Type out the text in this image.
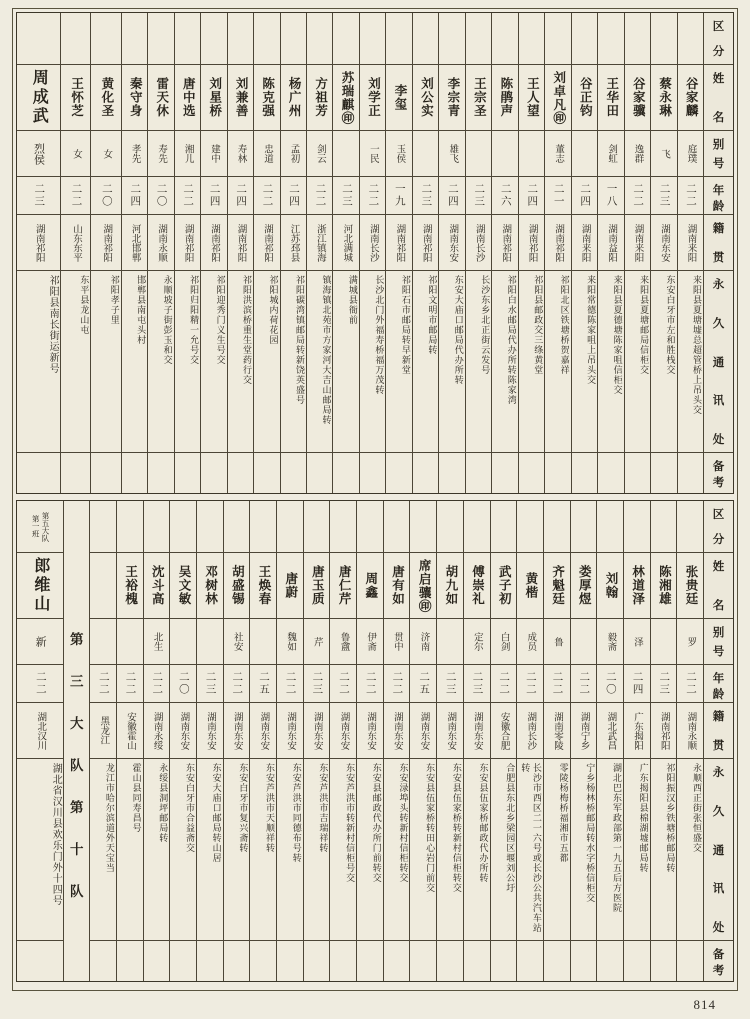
区
分
姓
名
别
号
年
龄
籍
贯
永
久
通
讯
处
备
考
谷家麟
庭璞
二二
湖南来阳
来阳县夏塘墟总超管桥上吊头交
蔡永琳
飞
二三
湖南东安
东安白牙市左和胜栈交
谷家骥
逸群
二二
湖南来阳
来阳县夏塘邮局信柜交
王华田
剑虹
一八
湖南益阳
来阳县夏德塘陈家咀信柜交
谷正钧
二四
湖南来阳
来阳常德陈家咀上吊头交
刘卓凡㊞
董志
二一
湖南祁阳
祁阳北区铁塘桥贺嘉祥
王人望
二四
湖南祁阳
祁阳县邮政交三绦黄堂
陈鹃声
二六
湖南祁阳
祁阳白水邮局代办所转陈家湾
王宗圣
二三
湖南长沙
长沙东乡北正街云发号
李宗青
雄飞
二四
湖南东安
东安大庙口邮局代办所转
刘公实
二三
湖南祁阳
祁阳文明市邮局转
李玺
玉侯
一九
湖南祁阳
祁阳石市邮局转早新堂
刘学正
一民
二二
湖南长沙
长沙北门外福寿桥福万茂转
苏瑞麒㊞
二三
河北满城
满城县衙前
方祖芳
剑云
二二
浙江镇海
镇海镇北苑市方家河大吉山邮局转
杨广州
孟初
二四
江苏邳县
祁阳碳湾镇邮局转新饶英盛号
陈克强
忠道
二二
湖南祁阳
祁阳城内荷花园
刘兼善
寿林
二四
湖南祁阳
祁阳洪滨桥重生堂药行交
刘星桥
建中
二四
湖南祁阳
祁阳迎秀门义生号交
唐中选
湘儿
二二
湖南祁阳
祁阳归阳精一允号交
雷天休
寿先
二〇
湖南永顺
永顺坡子街彭玉和交
秦守身
孝先
二四
河北邯郸
邯郸县南屯头村
黄化圣
女
二〇
湖南祁阳
祁阳孝子里
王怀芝
女
二二
山东东平
东平县龙山屯
周成武
烈侯
二三
湖南祁阳
祁阳县南长街运新号
区
分
姓
名
别
号
年
龄
籍
贯
永
久
通
讯
处
备
考
张贵廷
罗
二二
湖南永顺
永顺西正街张恒盛交
陈湘雄
二三
湖南祁阳
祁阳振汉乡铁塘桥邮局转
林道泽
泽
二四
广东揭阳
广东揭阳县棉湖墟邮局转
刘翰
毅斋
二〇
湖北武昌
湖北巴东军政部第一九五后方医院
娄厚煜
二二
湖南宁乡
宁乡杨林桥邮局转水字桥信柜交
齐魁廷
鲁
二二
湖南零陵
零陵杨梅桥福湘市五都
黄楷
成员
二二
湖南长沙
长沙市西区二一六号或长沙公共汽车站转
武子初
白剑
二二
安徽合肥
合肥县东北乡梁园区堰刘公圩
傅崇礼
定尔
二三
湖南东安
东安县伍家桥邮政代办所转
胡九如
二三
湖南东安
东安县伍家桥转新村信柜转交
席启骧㊞
济南
二五
湖南东安
东安县伍家桥转田心岩门前交
唐有如
贯中
二二
湖南东安
东安渌埠头转新村信柜转交
周鑫
伊斋
二二
湖南东安
东安县邮政代办所门前转交
唐仁芹
鲁盦
二二
湖南东安
东安芦洪市转新村信柜号交
唐玉质
芹
二三
湖南东安
东安芦洪市吉瑞祥转
唐蔚
魏如
二二
湖南东安
东安芦洪市同德布号转
王焕春
二五
湖南东安
东安芦洪市天顺祥转
胡盛锡
社安
二二
湖南东安
东安白牙市复兴斋转
邓树林
二三
湖南东安
东安大庙口邮局转山居
吴文敏
二〇
湖南东安
东安白牙市合益斋交
沈斗高
北生
二二
湖南永绥
永绥县洞坪邮局转
王裕槐
二二
安徽霍山
霍山县同寿昌号
二二
黑龙江
龙江市哈尔滨道外天宝当
第
三
大
队
第
十
队
第五大队
第一班
郎维山
新
二二
湖北汉川
湖北省汉川县欢乐门外十四号
814
